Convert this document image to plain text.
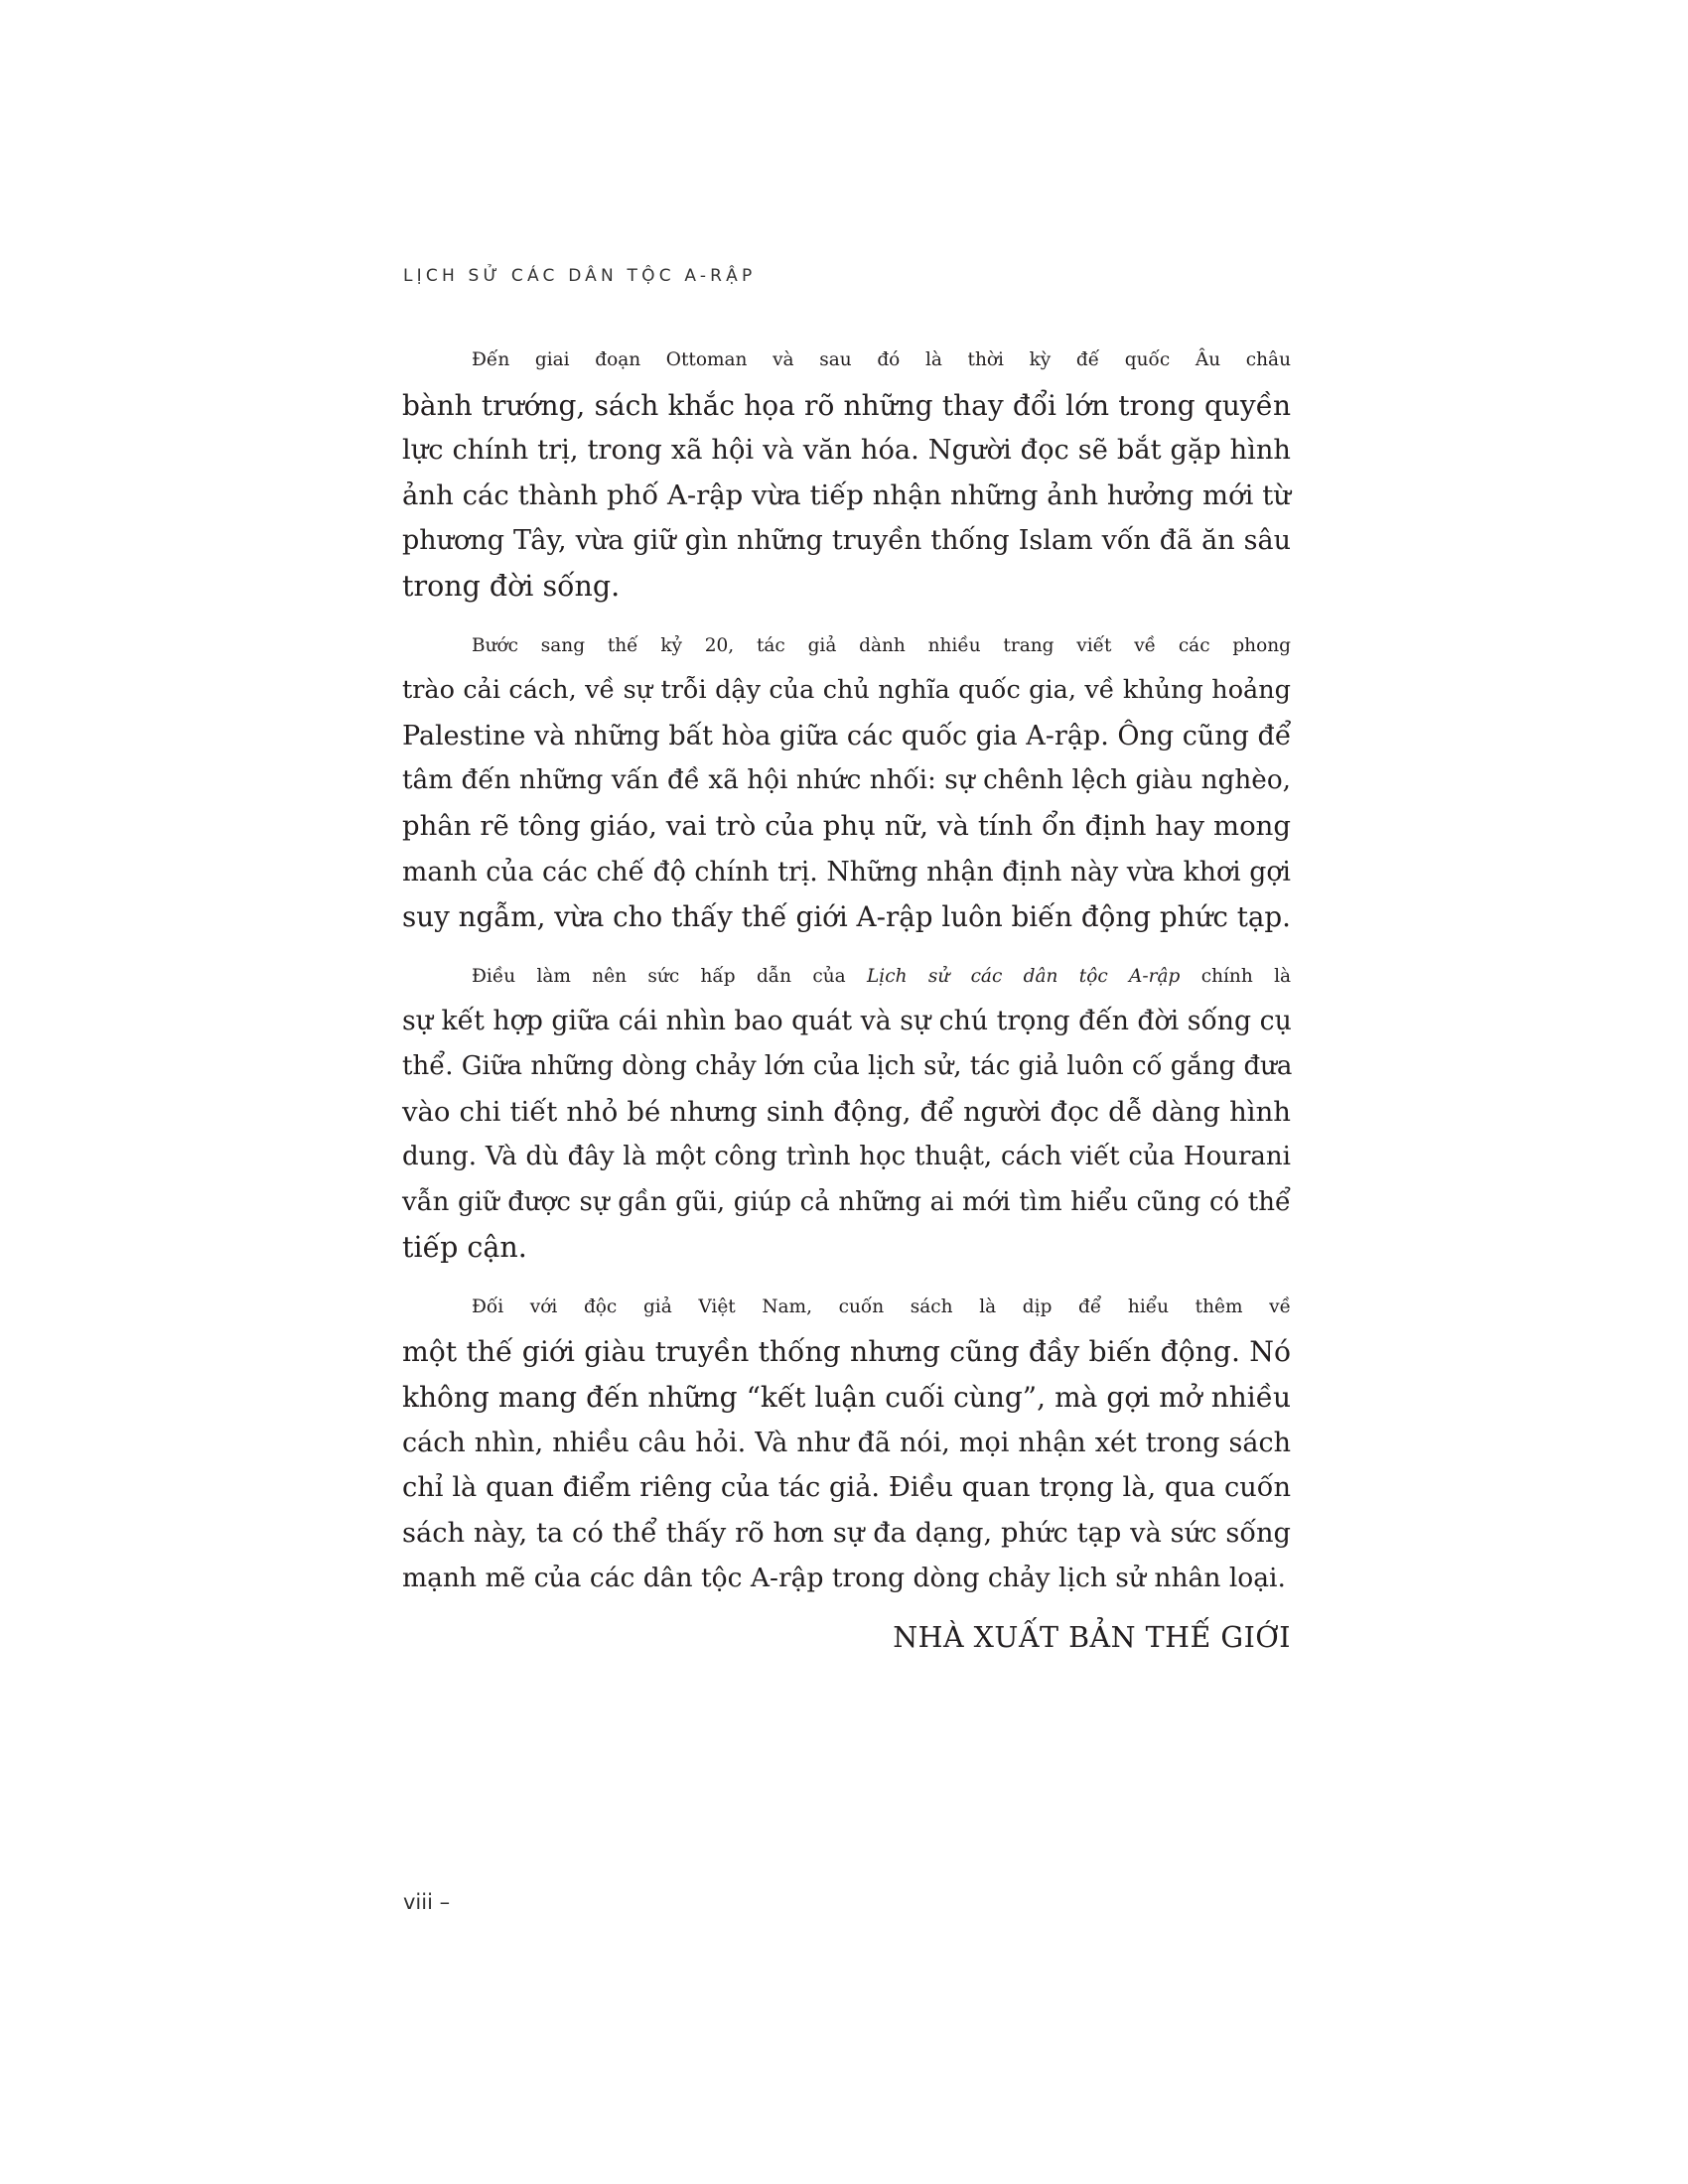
LỊCH SỬ CÁC DÂN TỘC A-RẬP

Đến giai đoạn Ottoman và sau đó là thời kỳ đế quốc Âu châu
bành trướng, sách khắc họa rõ những thay đổi lớn trong quyền
lực chính trị, trong xã hội và văn hóa. Người đọc sẽ bắt gặp hình
ảnh các thành phố A-rập vừa tiếp nhận những ảnh hưởng mới từ
phương Tây, vừa giữ gìn những truyền thống Islam vốn đã ăn sâu
trong đời sống.

Bước sang thế kỷ 20, tác giả dành nhiều trang viết về các phong
trào cải cách, về sự trỗi dậy của chủ nghĩa quốc gia, về khủng hoảng
Palestine và những bất hòa giữa các quốc gia A-rập. Ông cũng để
tâm đến những vấn đề xã hội nhức nhối: sự chênh lệch giàu nghèo,
phân rẽ tông giáo, vai trò của phụ nữ, và tính ổn định hay mong
manh của các chế độ chính trị. Những nhận định này vừa khơi gợi
suy ngẫm, vừa cho thấy thế giới A-rập luôn biến động phức tạp.

Điều làm nên sức hấp dẫn của Lịch sử các dân tộc A-rập chính là
sự kết hợp giữa cái nhìn bao quát và sự chú trọng đến đời sống cụ
thể. Giữa những dòng chảy lớn của lịch sử, tác giả luôn cố gắng đưa
vào chi tiết nhỏ bé nhưng sinh động, để người đọc dễ dàng hình
dung. Và dù đây là một công trình học thuật, cách viết của Hourani
vẫn giữ được sự gần gũi, giúp cả những ai mới tìm hiểu cũng có thể
tiếp cận.

Đối với độc giả Việt Nam, cuốn sách là dịp để hiểu thêm về
một thế giới giàu truyền thống nhưng cũng đầy biến động. Nó
không mang đến những “kết luận cuối cùng”, mà gợi mở nhiều
cách nhìn, nhiều câu hỏi. Và như đã nói, mọi nhận xét trong sách
chỉ là quan điểm riêng của tác giả. Điều quan trọng là, qua cuốn
sách này, ta có thể thấy rõ hơn sự đa dạng, phức tạp và sức sống
mạnh mẽ của các dân tộc A-rập trong dòng chảy lịch sử nhân loại.

NHÀ XUẤT BẢN THẾ GIỚI

viii –
